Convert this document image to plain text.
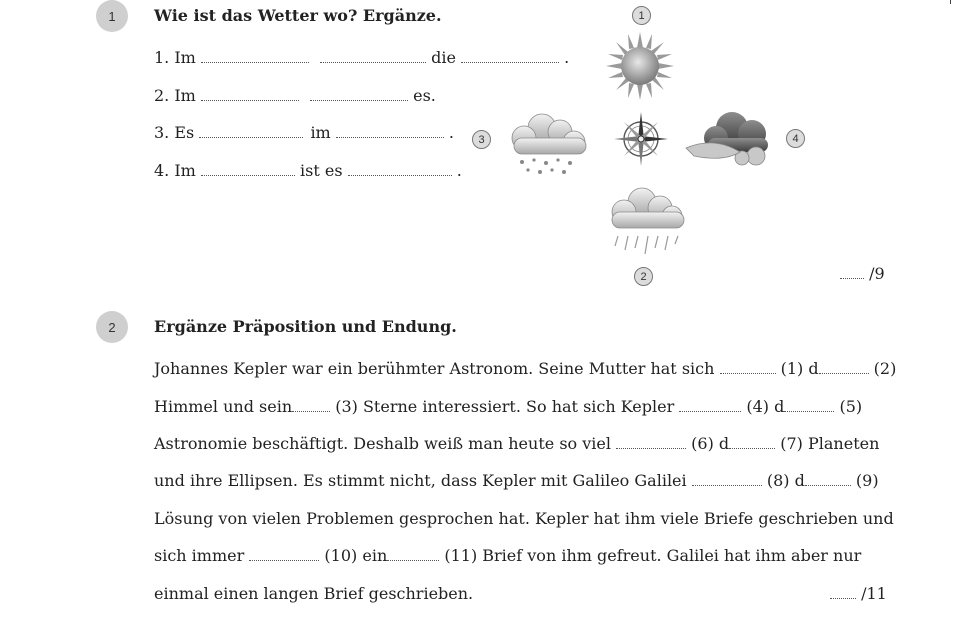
1 Wie ist das Wetter wo? Ergänze.
1. Im	die	.
2. Im	es.
3. Es	im	.
4. Im	ist es	.
1
2
3	4
/9
2 Ergänze Präposition und Endung.
Johannes Kepler war ein berühmter Astronom. Seine Mutter hat sich	(1) d	(2)
Himmel und sein (3) Sterne interessiert. So hat sich Kepler	(4) d	(5)
Astronomie beschäftigt. Deshalb weiß man heute so viel	(6) d	(7) Planeten
und ihre Ellipsen. Es stimmt nicht, dass Kepler mit Galileo Galilei	(8) d	(9)
Lösung von vielen Problemen gesprochen hat. Kepler hat ihm viele Briefe geschrieben und
sich immer	(10) ein	(11) Brief von ihm gefreut. Galilei hat ihm aber nur
einmal einen langen Brief geschrieben.	/11
